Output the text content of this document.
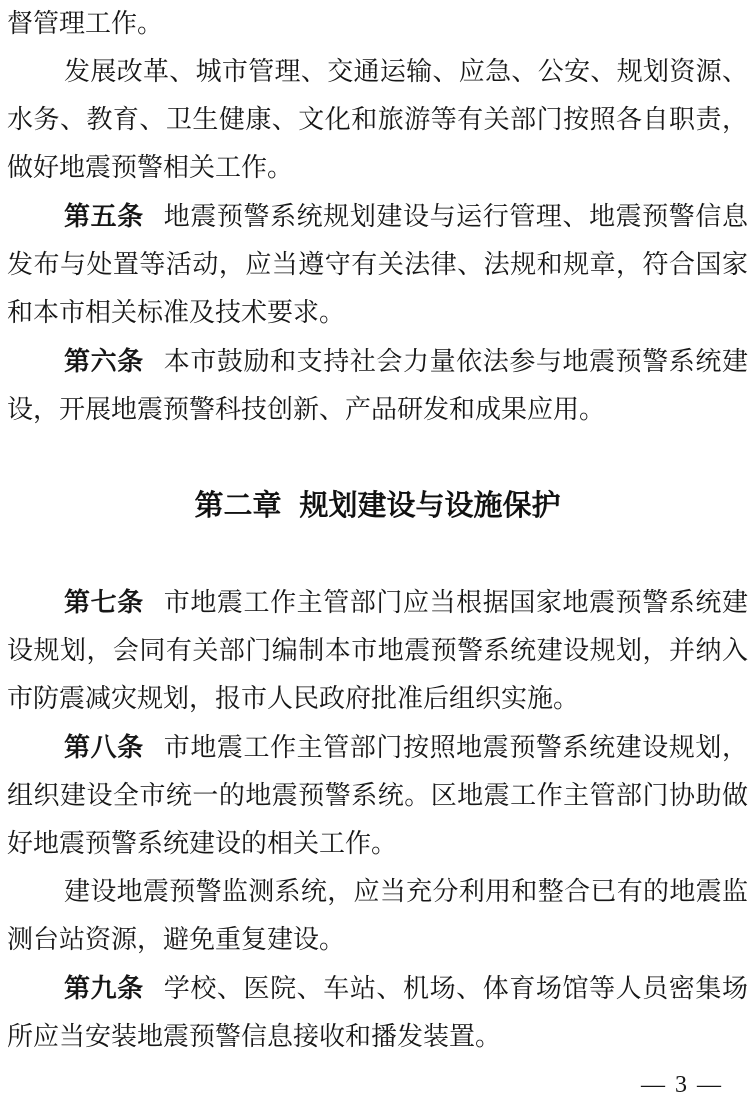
督管理工作。

发展改革、城市管理、交通运输、应急、公安、规划资源、水务、教育、卫生健康、文化和旅游等有关部门按照各自职责，做好地震预警相关工作。

第五条 地震预警系统规划建设与运行管理、地震预警信息发布与处置等活动，应当遵守有关法律、法规和规章，符合国家和本市相关标准及技术要求。

第六条 本市鼓励和支持社会力量依法参与地震预警系统建设，开展地震预警科技创新、产品研发和成果应用。

第二章 规划建设与设施保护

第七条 市地震工作主管部门应当根据国家地震预警系统建设规划，会同有关部门编制本市地震预警系统建设规划，并纳入市防震减灾规划，报市人民政府批准后组织实施。

第八条 市地震工作主管部门按照地震预警系统建设规划，组织建设全市统一的地震预警系统。区地震工作主管部门协助做好地震预警系统建设的相关工作。

建设地震预警监测系统，应当充分利用和整合已有的地震监测台站资源，避免重复建设。

第九条 学校、医院、车站、机场、体育场馆等人员密集场所应当安装地震预警信息接收和播发装置。

— 3 —
